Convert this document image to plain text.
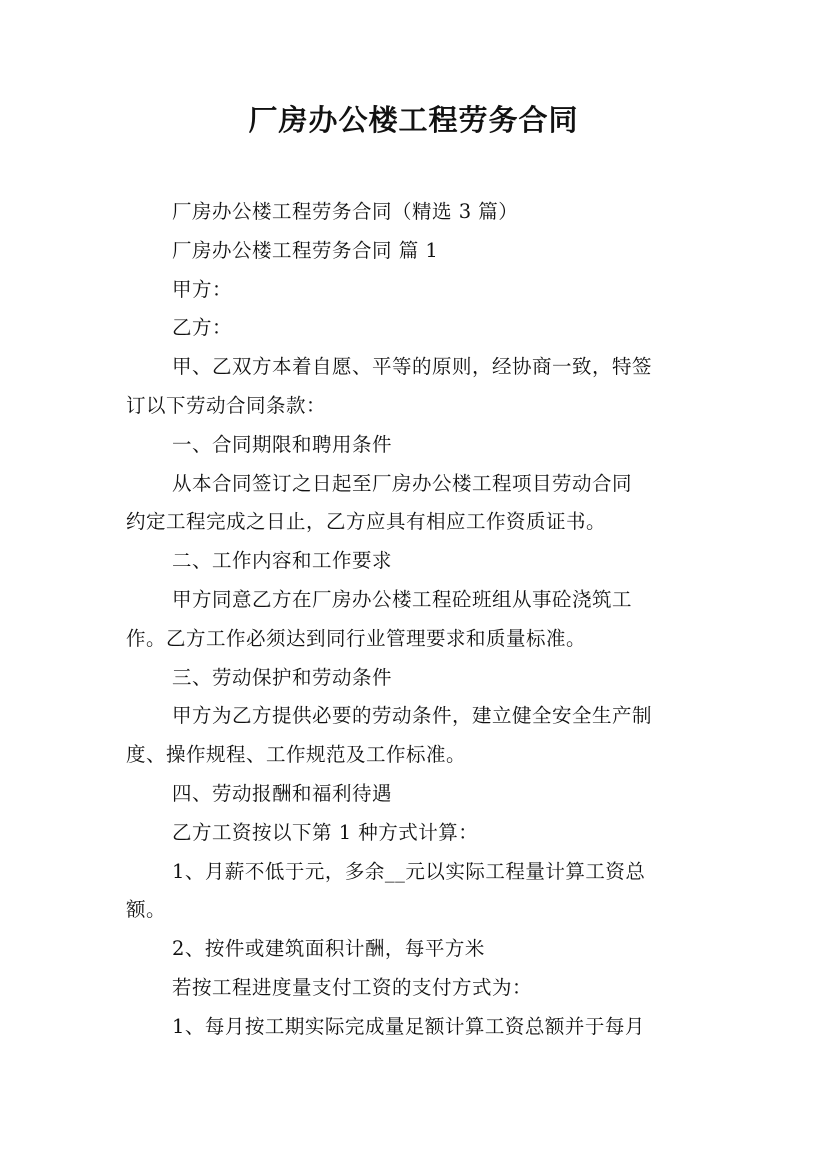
厂房办公楼工程劳务合同

厂房办公楼工程劳务合同（精选 3 篇）

厂房办公楼工程劳务合同 篇 1

甲方：

乙方：

甲、乙双方本着自愿、平等的原则，经协商一致，特签

订以下劳动合同条款：

一、合同期限和聘用条件

从本合同签订之日起至厂房办公楼工程项目劳动合同

约定工程完成之日止，乙方应具有相应工作资质证书。

二、工作内容和工作要求

甲方同意乙方在厂房办公楼工程砼班组从事砼浇筑工

作。乙方工作必须达到同行业管理要求和质量标准。

三、劳动保护和劳动条件

甲方为乙方提供必要的劳动条件，建立健全安全生产制

度、操作规程、工作规范及工作标准。

四、劳动报酬和福利待遇

乙方工资按以下第 1 种方式计算：

1、月薪不低于元，多余__元以实际工程量计算工资总

额。

2、按件或建筑面积计酬，每平方米

若按工程进度量支付工资的支付方式为：

1、每月按工期实际完成量足额计算工资总额并于每月
